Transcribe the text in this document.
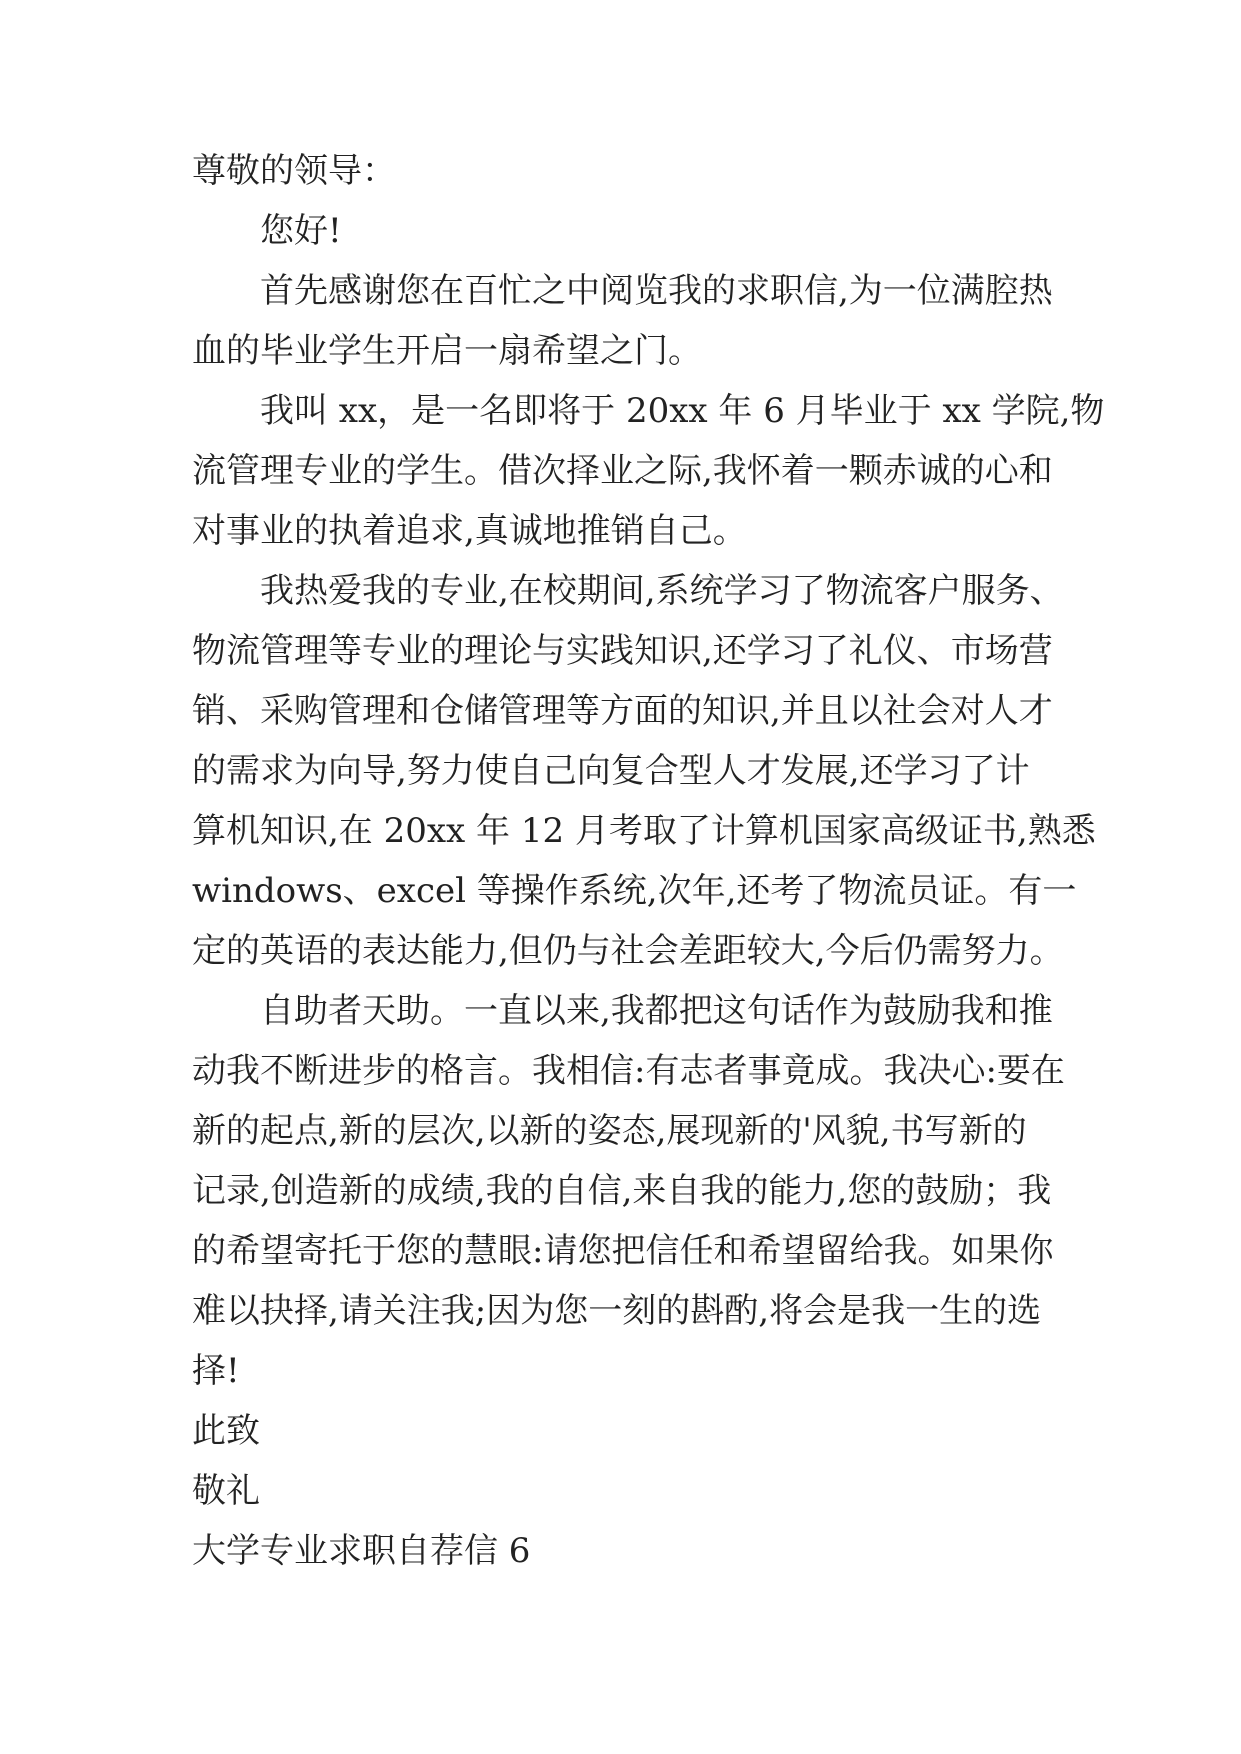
尊敬的领导：
您好!
首先感谢您在百忙之中阅览我的求职信,为一位满腔热
血的毕业学生开启一扇希望之门。
我叫 xx，是一名即将于 20xx 年 6 月毕业于 xx 学院,物
流管理专业的学生。借次择业之际,我怀着一颗赤诚的心和
对事业的执着追求,真诚地推销自己。
我热爱我的专业,在校期间,系统学习了物流客户服务、
物流管理等专业的理论与实践知识,还学习了礼仪、市场营
销、采购管理和仓储管理等方面的知识,并且以社会对人才
的需求为向导,努力使自己向复合型人才发展,还学习了计
算机知识,在 20xx 年 12 月考取了计算机国家高级证书,熟悉
windows、excel 等操作系统,次年,还考了物流员证。有一
定的英语的表达能力,但仍与社会差距较大,今后仍需努力。
自助者天助。一直以来,我都把这句话作为鼓励我和推
动我不断进步的格言。我相信:有志者事竟成。我决心:要在
新的起点,新的层次,以新的姿态,展现新的'风貌,书写新的
记录,创造新的成绩,我的自信,来自我的能力,您的鼓励；我
的希望寄托于您的慧眼:请您把信任和希望留给我。如果你
难以抉择,请关注我;因为您一刻的斟酌,将会是我一生的选
择!
此致
敬礼
大学专业求职自荐信 6
